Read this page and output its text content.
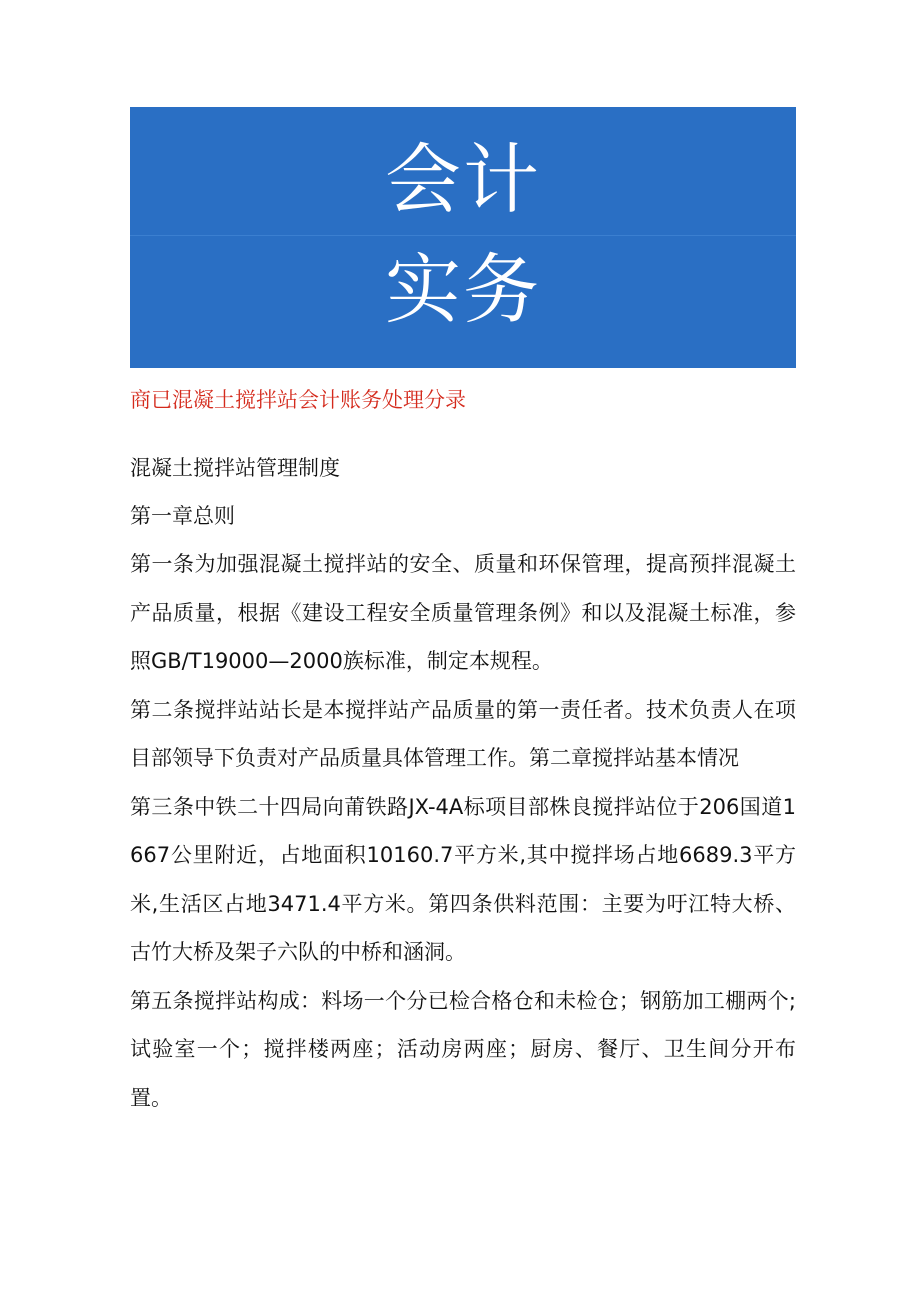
会计
实务
商已混凝土搅拌站会计账务处理分录

混凝土搅拌站管理制度

第一章总则

第一条为加强混凝土搅拌站的安全、质量和环保管理，提高预拌混凝土产品质量，根据《建设工程安全质量管理条例》和以及混凝土标准，参照GB/T19000—2000族标准，制定本规程。

第二条搅拌站站长是本搅拌站产品质量的第一责任者。技术负责人在项目部领导下负责对产品质量具体管理工作。第二章搅拌站基本情况

第三条中铁二十四局向莆铁路JX-4A标项目部株良搅拌站位于206国道1667公里附近，占地面积10160.7平方米,其中搅拌场占地6689.3平方米,生活区占地3471.4平方米。第四条供料范围：主要为吁江特大桥、古竹大桥及架子六队的中桥和涵洞。

第五条搅拌站构成：料场一个分已检合格仓和未检仓；钢筋加工棚两个;试验室一个；搅拌楼两座；活动房两座；厨房、餐厅、卫生间分开布置。
